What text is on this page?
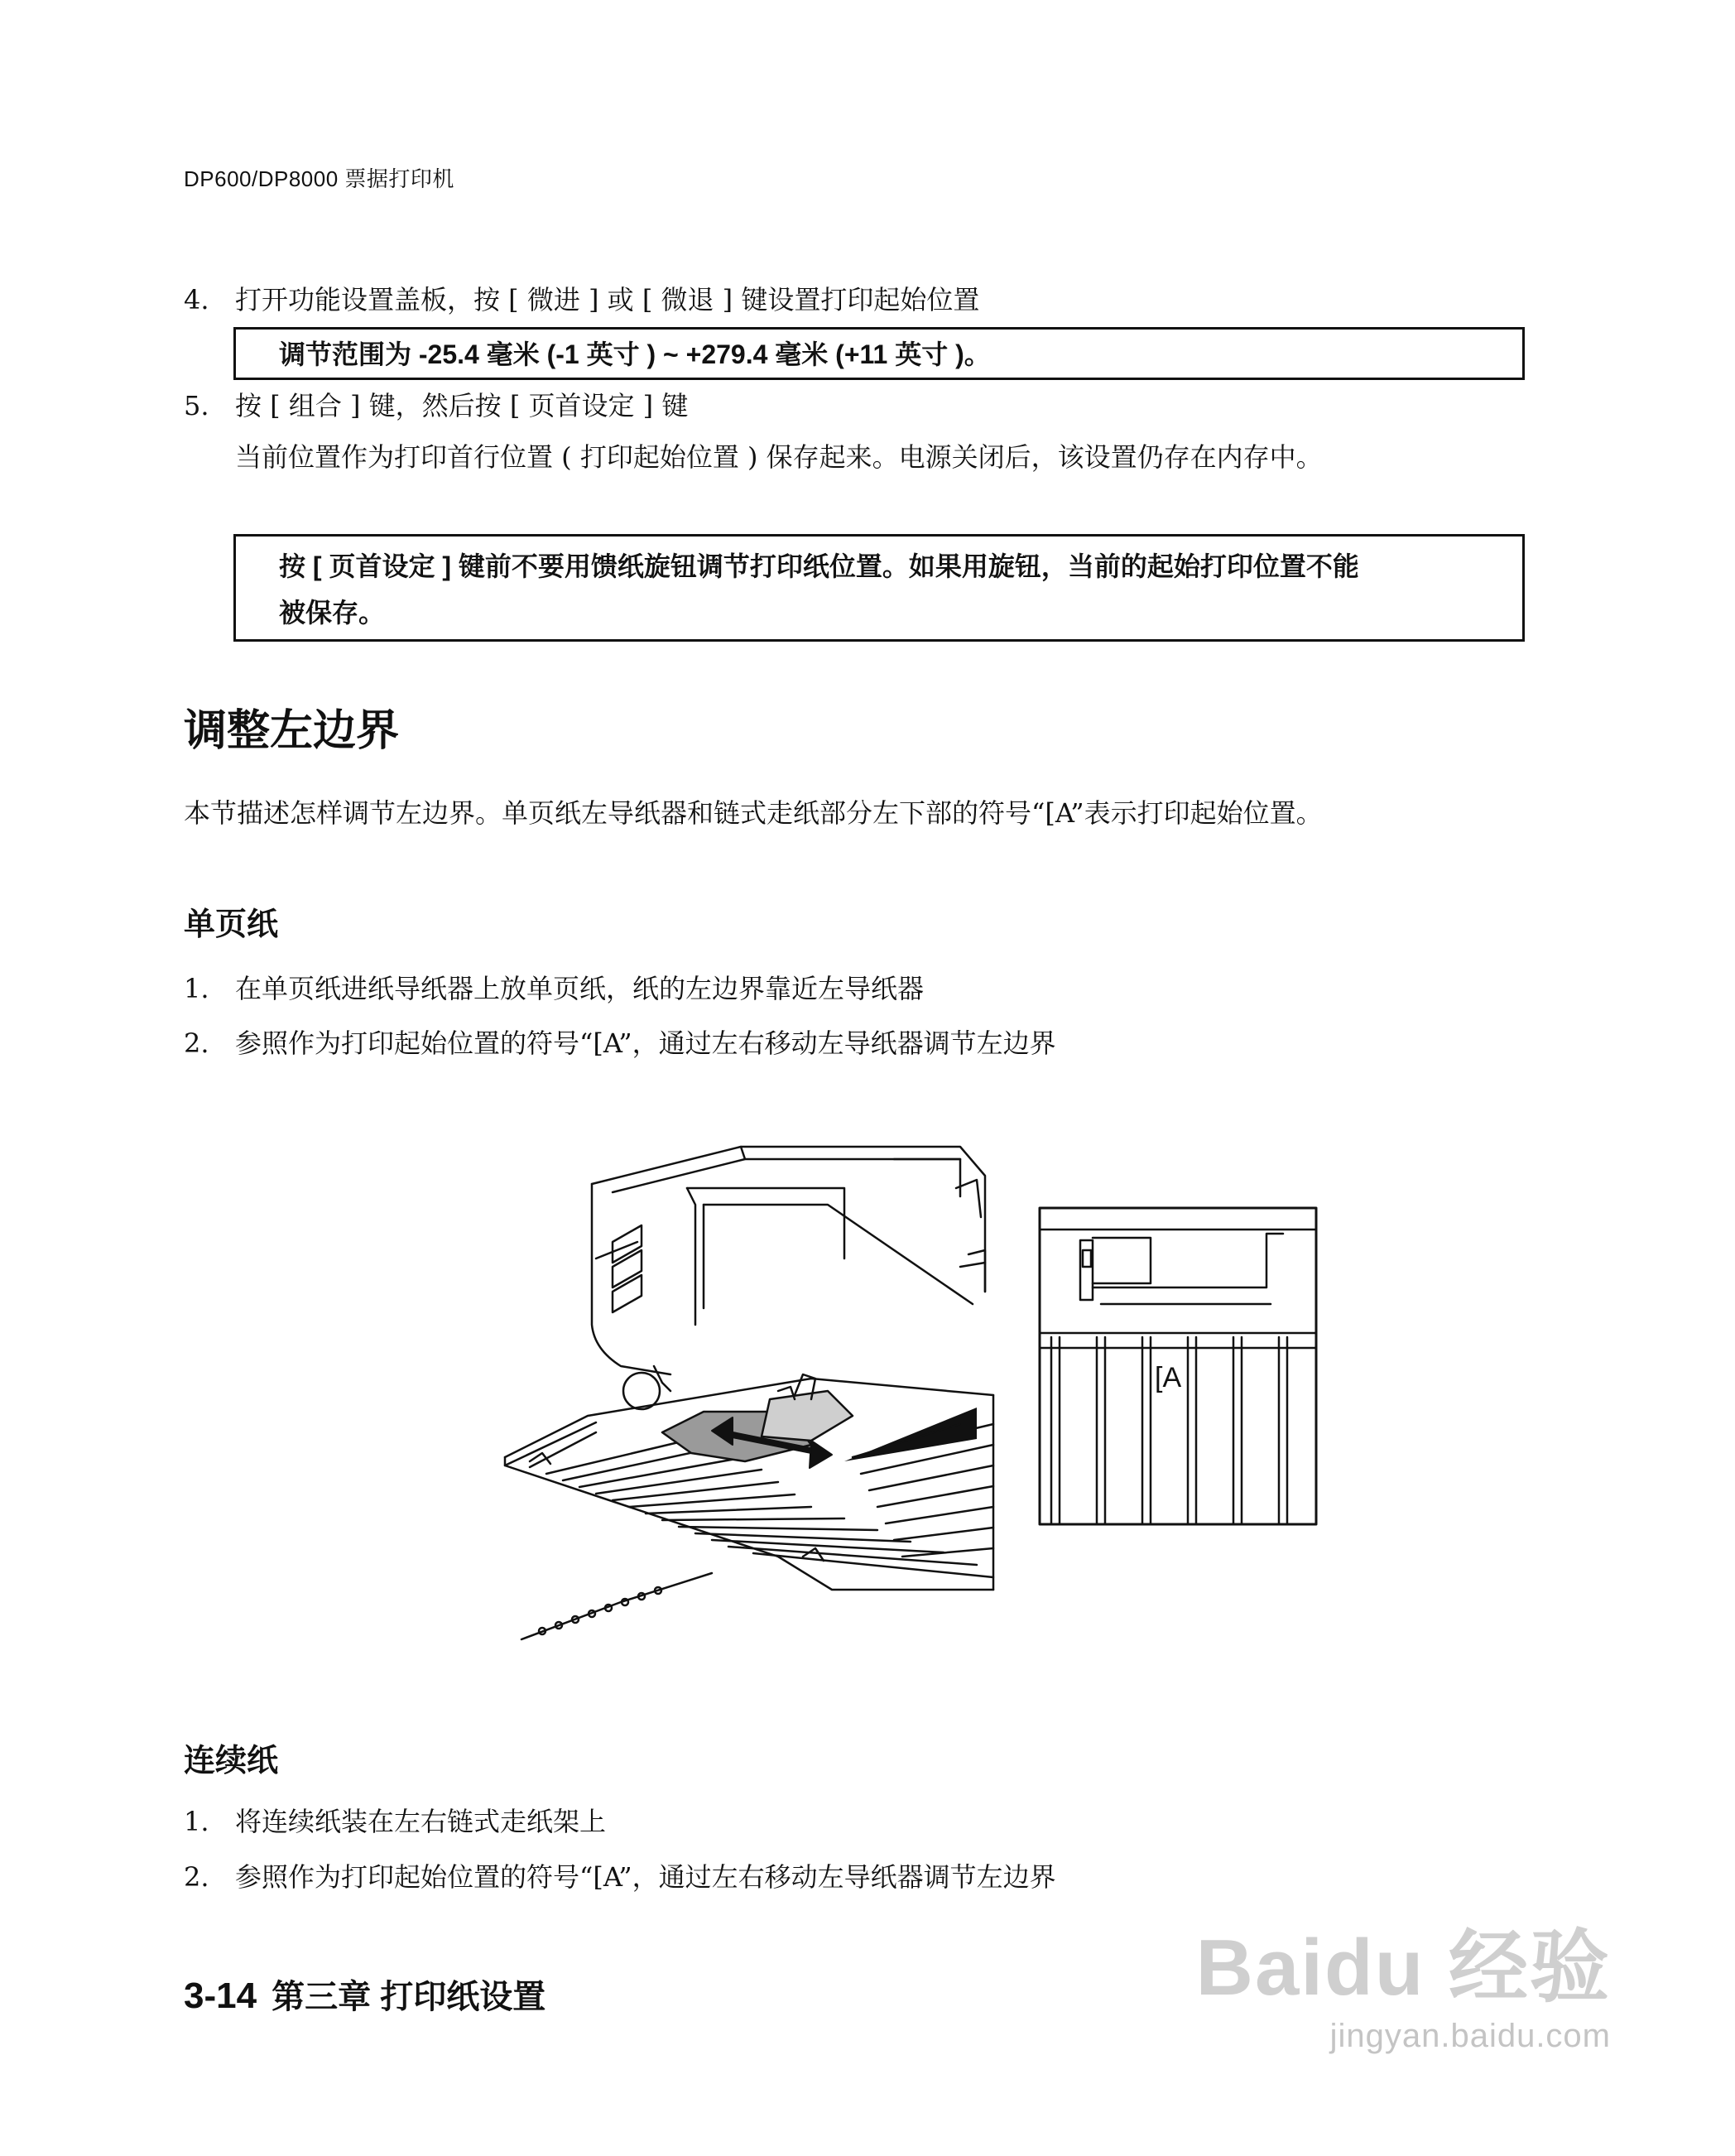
DP600/DP8000 票据打印机
4. 打开功能设置盖板，按 [ 微进 ] 或 [ 微退 ] 键设置打印起始位置
调节范围为 -25.4 毫米 (-1 英寸 ) ~ +279.4 毫米 (+11 英寸 )。
5. 按 [ 组合 ] 键，然后按 [ 页首设定 ] 键
当前位置作为打印首行位置 ( 打印起始位置 ) 保存起来。电源关闭后，该设置仍存在内存中。
按 [ 页首设定 ] 键前不要用馈纸旋钮调节打印纸位置。如果用旋钮，当前的起始打印位置不能
被保存。
调整左边界
本节描述怎样调节左边界。单页纸左导纸器和链式走纸部分左下部的符号“[A”表示打印起始位置。
单页纸
1. 在单页纸进纸导纸器上放单页纸，纸的左边界靠近左导纸器
2. 参照作为打印起始位置的符号“[A”，通过左右移动左导纸器调节左边界
[A
连续纸
1. 将连续纸装在左右链式走纸架上
2. 参照作为打印起始位置的符号“[A”，通过左右移动左导纸器调节左边界
3-14 第三章 打印纸设置	Baidu 经验
jingyan.baidu.com
